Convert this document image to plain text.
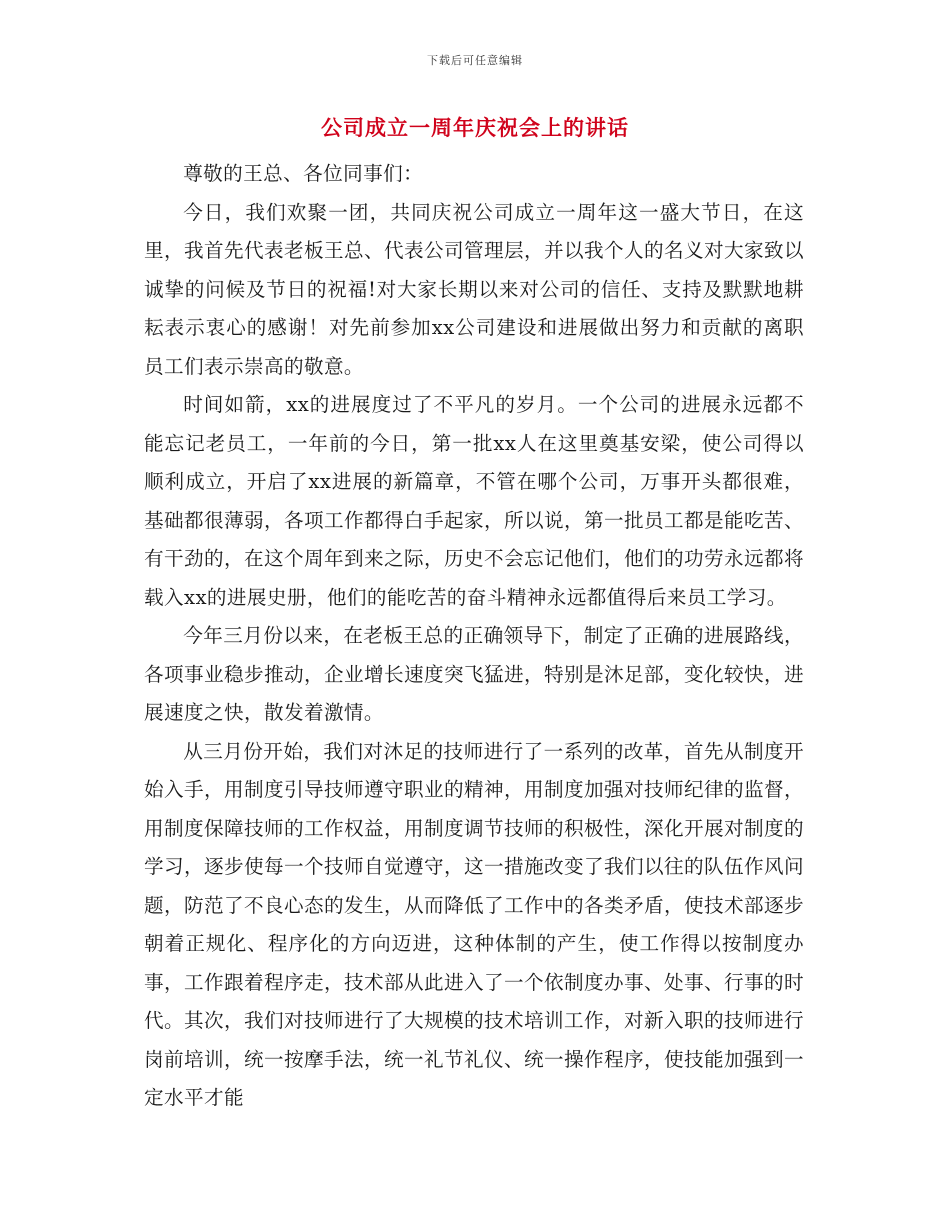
下载后可任意编辑
公司成立一周年庆祝会上的讲话

尊敬的王总、各位同事们：

今日，我们欢聚一团，共同庆祝公司成立一周年这一盛大节日，在这里，我首先代表老板王总、代表公司管理层，并以我个人的名义对大家致以诚挚的问候及节日的祝福!对大家长期以来对公司的信任、支持及默默地耕耘表示衷心的感谢！对先前参加xx公司建设和进展做出努力和贡献的离职员工们表示崇高的敬意。

时间如箭，xx的进展度过了不平凡的岁月。一个公司的进展永远都不能忘记老员工，一年前的今日，第一批xx人在这里奠基安梁，使公司得以顺利成立，开启了xx进展的新篇章，不管在哪个公司，万事开头都很难，基础都很薄弱，各项工作都得白手起家，所以说，第一批员工都是能吃苦、有干劲的，在这个周年到来之际，历史不会忘记他们，他们的功劳永远都将载入xx的进展史册，他们的能吃苦的奋斗精神永远都值得后来员工学习。

今年三月份以来，在老板王总的正确领导下，制定了正确的进展路线，各项事业稳步推动，企业增长速度突飞猛进，特别是沐足部，变化较快，进展速度之快，散发着激情。

从三月份开始，我们对沐足的技师进行了一系列的改革，首先从制度开始入手，用制度引导技师遵守职业的精神，用制度加强对技师纪律的监督，用制度保障技师的工作权益，用制度调节技师的积极性，深化开展对制度的学习，逐步使每一个技师自觉遵守，这一措施改变了我们以往的队伍作风问题，防范了不良心态的发生，从而降低了工作中的各类矛盾，使技术部逐步朝着正规化、程序化的方向迈进，这种体制的产生，使工作得以按制度办事，工作跟着程序走，技术部从此进入了一个依制度办事、处事、行事的时代。其次，我们对技师进行了大规模的技术培训工作，对新入职的技师进行岗前培训，统一按摩手法，统一礼节礼仪、统一操作程序，使技能加强到一定水平才能
